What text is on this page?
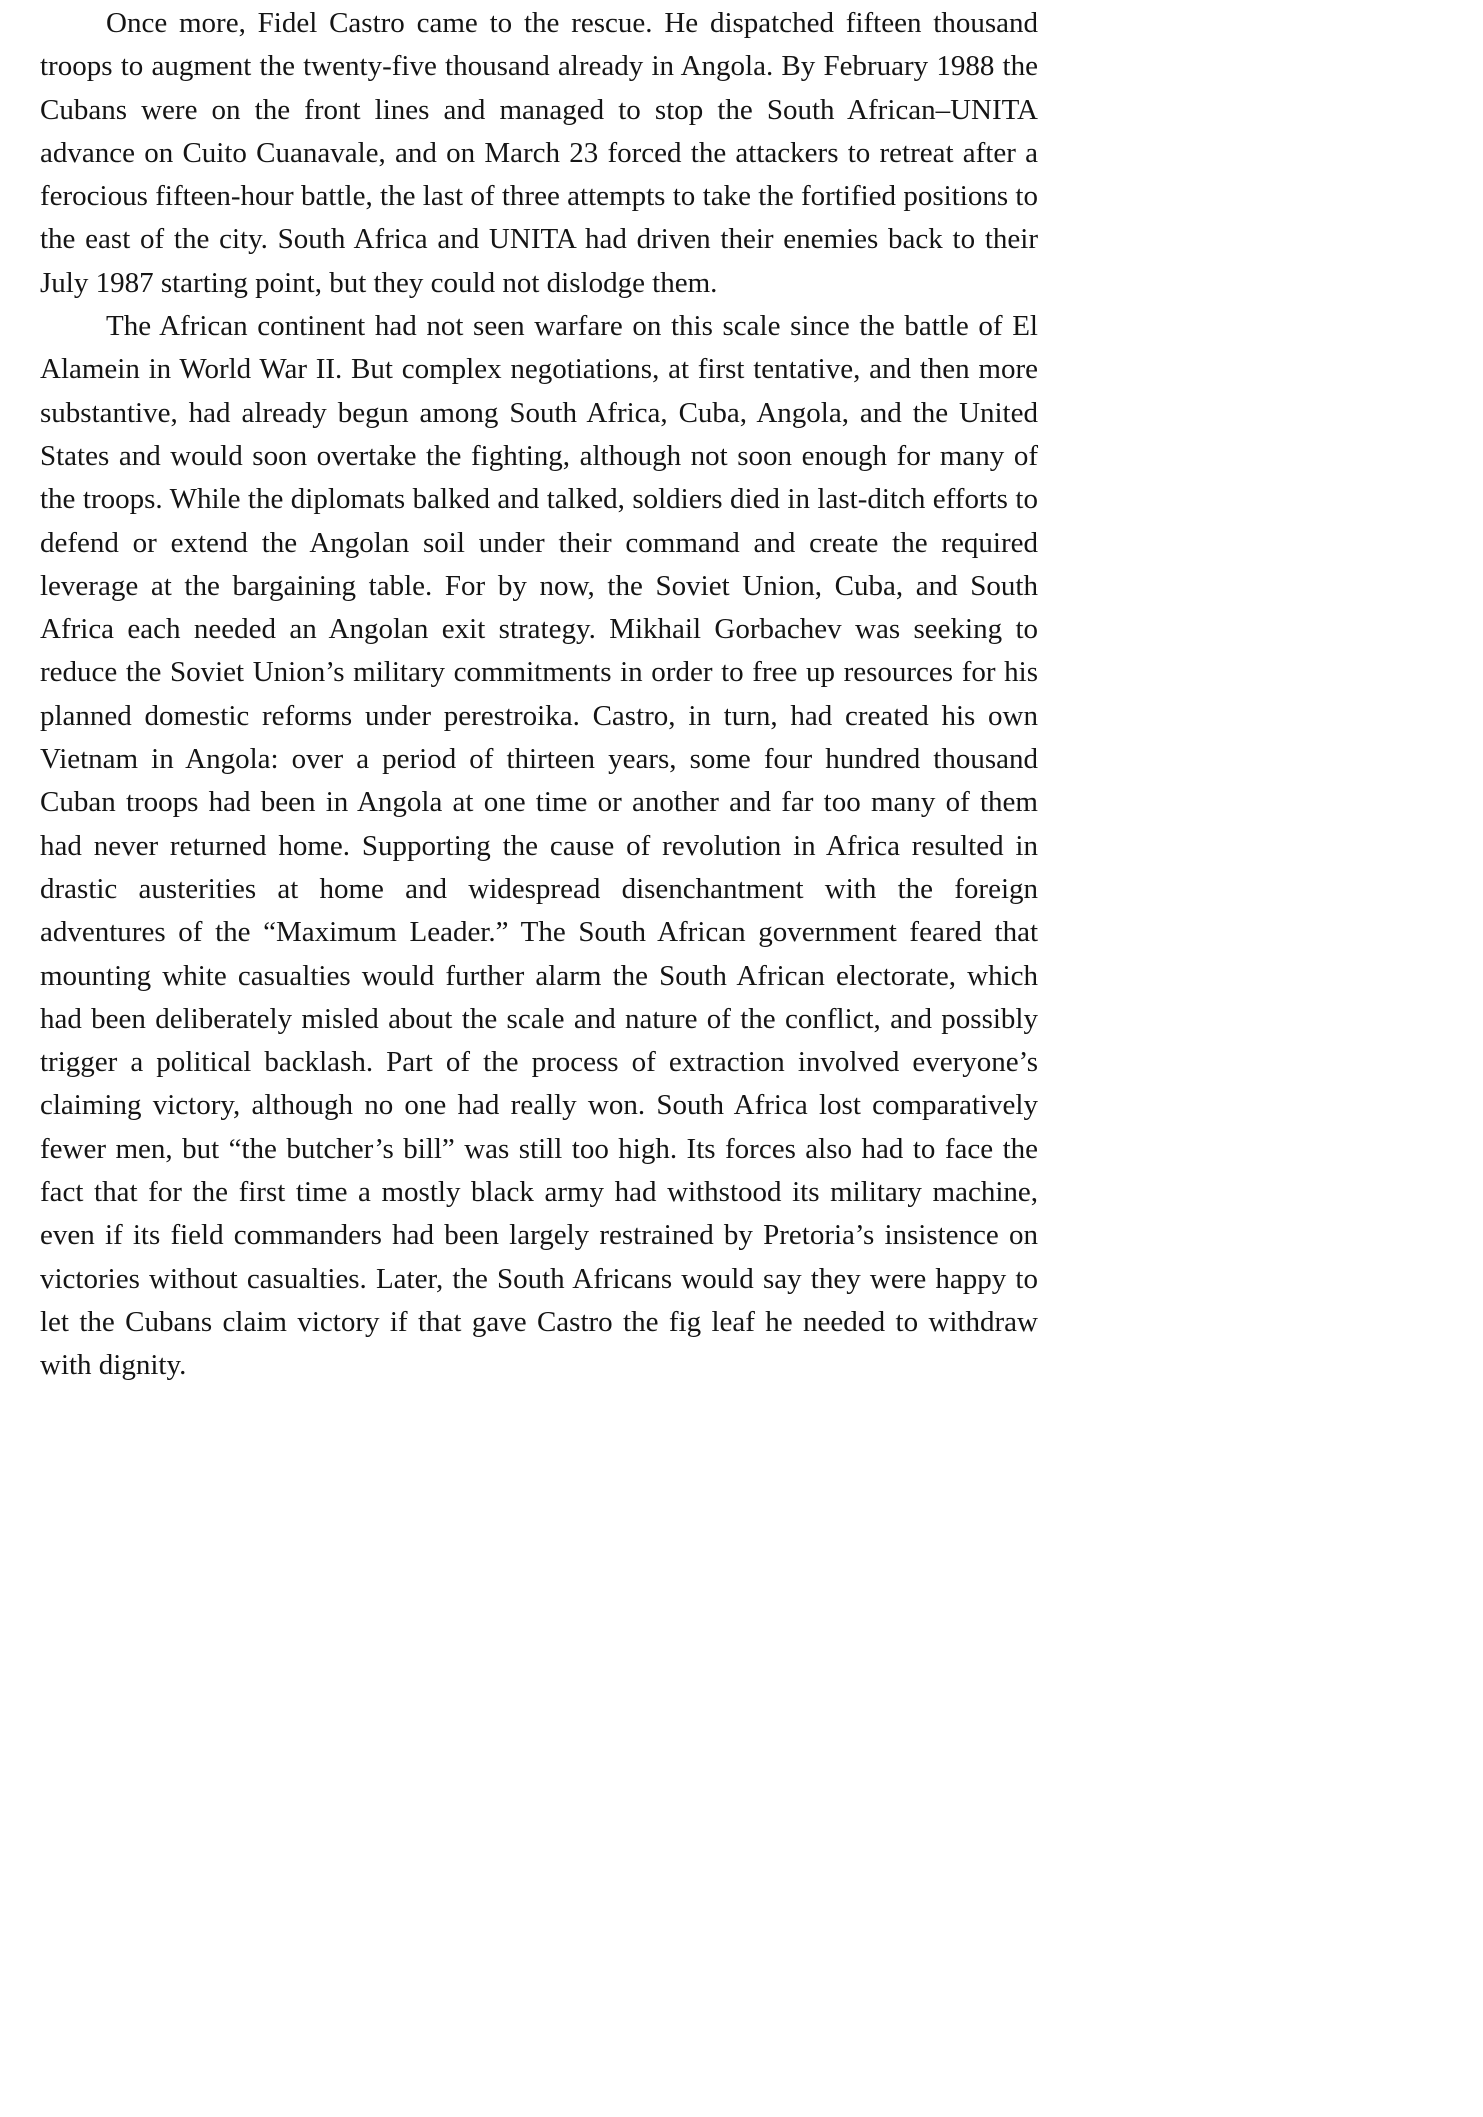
Once more, Fidel Castro came to the rescue. He dispatched fifteen thousand troops to augment the twenty-five thousand already in Angola. By February 1988 the Cubans were on the front lines and managed to stop the South African–UNITA advance on Cuito Cuanavale, and on March 23 forced the attackers to retreat after a ferocious fifteen-hour battle, the last of three attempts to take the fortified positions to the east of the city. South Africa and UNITA had driven their enemies back to their July 1987 starting point, but they could not dislodge them.

The African continent had not seen warfare on this scale since the battle of El Alamein in World War II. But complex negotiations, at first tentative, and then more substantive, had already begun among South Africa, Cuba, Angola, and the United States and would soon overtake the fighting, although not soon enough for many of the troops. While the diplomats balked and talked, soldiers died in last-ditch efforts to defend or extend the Angolan soil under their command and create the required leverage at the bargaining table. For by now, the Soviet Union, Cuba, and South Africa each needed an Angolan exit strategy. Mikhail Gorbachev was seeking to reduce the Soviet Union’s military commitments in order to free up resources for his planned domestic reforms under perestroika. Castro, in turn, had created his own Vietnam in Angola: over a period of thirteen years, some four hundred thousand Cuban troops had been in Angola at one time or another and far too many of them had never returned home. Supporting the cause of revolution in Africa resulted in drastic austerities at home and widespread disenchantment with the foreign adventures of the “Maximum Leader.” The South African government feared that mounting white casualties would further alarm the South African electorate, which had been deliberately misled about the scale and nature of the conflict, and possibly trigger a political backlash. Part of the process of extraction involved everyone’s claiming victory, although no one had really won. South Africa lost comparatively fewer men, but “the butcher’s bill” was still too high. Its forces also had to face the fact that for the first time a mostly black army had withstood its military machine, even if its field commanders had been largely restrained by Pretoria’s insistence on victories without casualties. Later, the South Africans would say they were happy to let the Cubans claim victory if that gave Castro the fig leaf he needed to withdraw with dignity.
